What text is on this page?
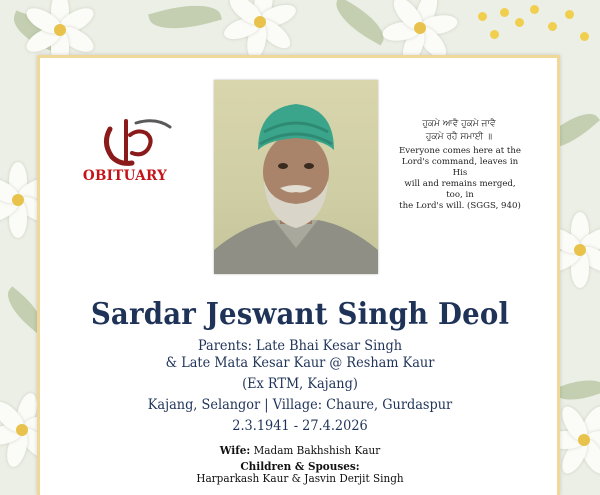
OBITUARY
ਹੁਕਮੇ ਆਵੈ ਹੁਕਮੇ ਜਾਵੈ
ਹੁਕਮੇ ਰਹੈ ਸਮਾਈ ॥
Everyone comes here at the
Lord's command, leaves in His
will and remains merged, too, in
the Lord's will. (SGGS, 940)
Sardar Jeswant Singh Deol
Parents: Late Bhai Kesar Singh
& Late Mata Kesar Kaur @ Resham Kaur
(Ex RTM, Kajang)
Kajang, Selangor | Village: Chaure, Gurdaspur
2.3.1941 - 27.4.2026
Wife: Madam Bakhshish Kaur
Children & Spouses:
Harparkash Kaur & Jasvin Derjit Singh
